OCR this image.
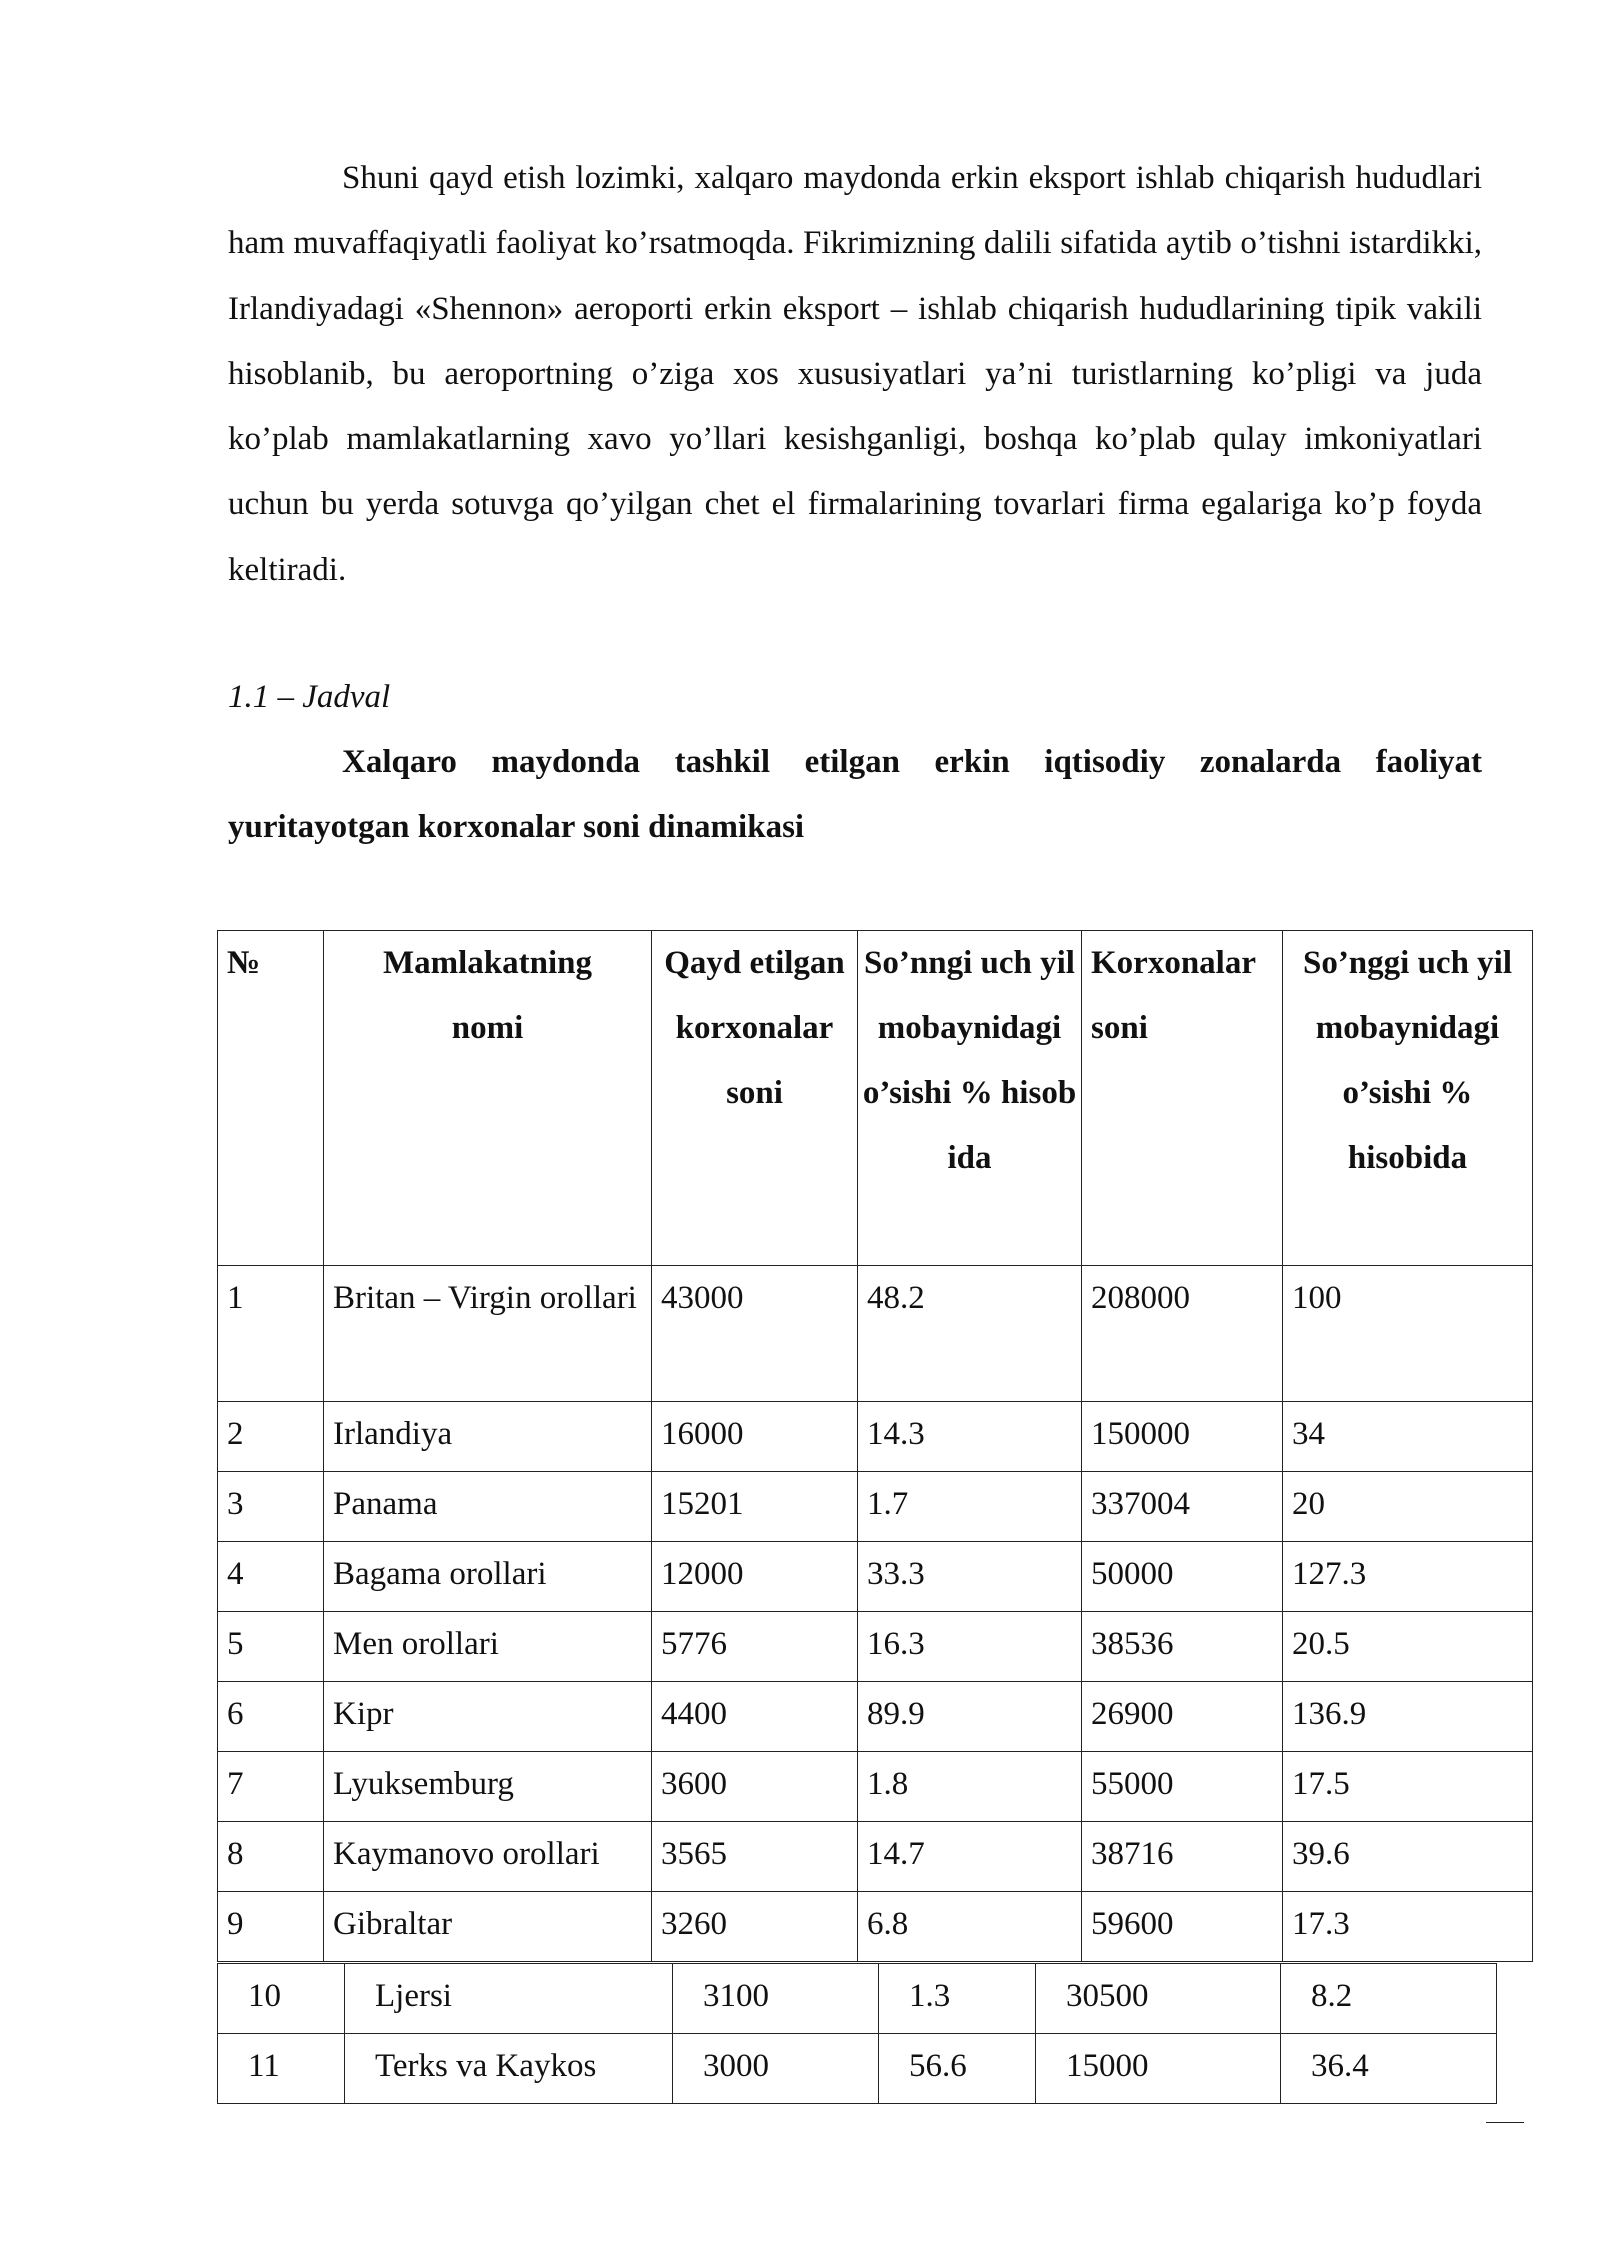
Shuni qayd etish lozimki, xalqaro maydonda erkin eksport ishlab chiqarish hududlari ham muvaffaqiyatli faoliyat ko’rsatmoqda. Fikrimizning dalili sifatida aytib o’tishni istardikki, Irlandiyadagi «Shennon» aeroporti erkin eksport – ishlab chiqarish hududlarining tipik vakili hisoblanib, bu aeroportning o’ziga xos xususiyatlari ya’ni turistlarning ko’pligi va juda ko’plab mamlakatlarning xavo yo’llari kesishganligi, boshqa ko’plab qulay imkoniyatlari uchun bu yerda sotuvga qo’yilgan chet el firmalarining tovarlari firma egalariga ko’p foyda keltiradi.

1.1 – Jadval

Xalqaro maydonda tashkil etilgan erkin iqtisodiy zonalarda faoliyat yuritayotgan korxonalar soni dinamikasi

№	Mamlakatning nomi	Qayd etilgan korxonalar soni	So’nngi uch yil mobaynidagi o’sishi % hisobida	Korxonalar soni	So’nggi uch yil mobaynidagi o’sishi % hisobida
1	Britan – Virgin orollari	43000	48.2	208000	100
2	Irlandiya	16000	14.3	150000	34
3	Panama	15201	1.7	337004	20
4	Bagama orollari	12000	33.3	50000	127.3
5	Men orollari	5776	16.3	38536	20.5
6	Kipr	4400	89.9	26900	136.9
7	Lyuksemburg	3600	1.8	55000	17.5
8	Kaymanovo orollari	3565	14.7	38716	39.6
9	Gibraltar	3260	6.8	59600	17.3
10	Ljersi	3100	1.3	30500	8.2
11	Terks va Kaykos	3000	56.6	15000	36.4
